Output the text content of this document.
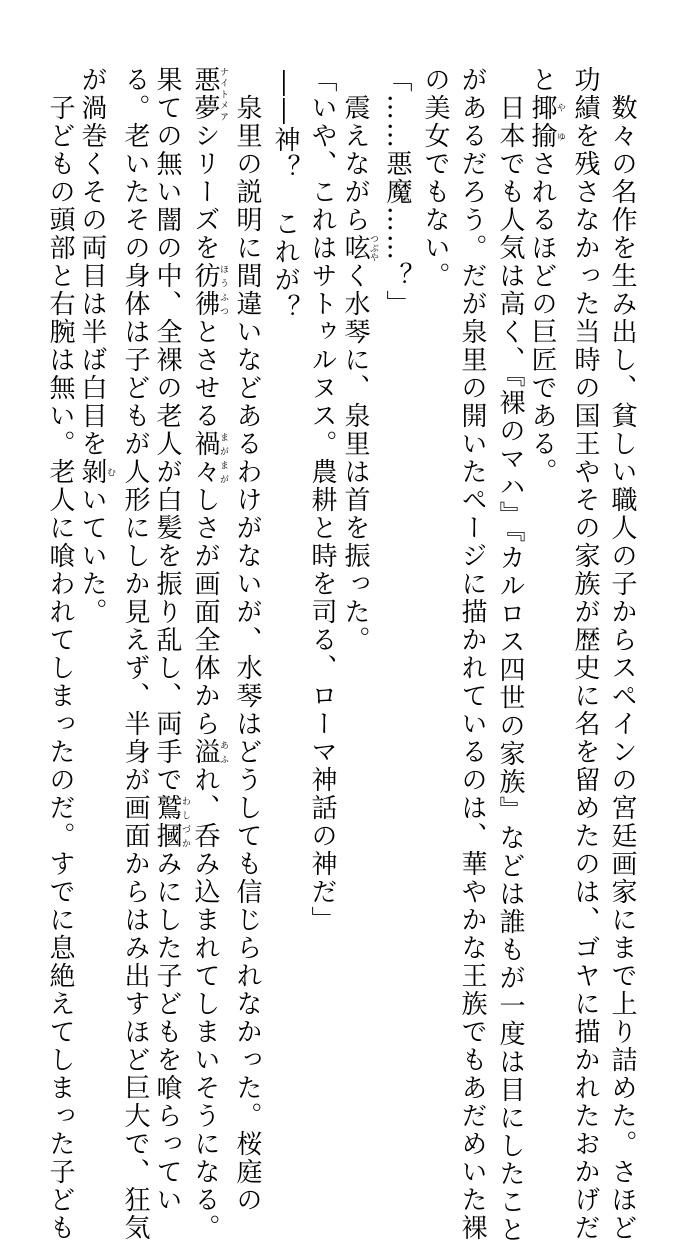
　数々の名作を生み出し、貧しい職人の子からスペインの宮廷画家にまで上り詰めた。さほど
功績を残さなかった当時の国王やその家族が歴史に名を留めたのは、ゴヤに描かれたおかげだ
と揶揄やゆされるほどの巨匠である。
　日本でも人気は高く、『裸のマハ』『カルロス四世の家族』などは誰もが一度は目にしたこと
があるだろう。だが泉里の開いたページに描かれているのは、華やかな王族でもあだめいた裸
の美女でもない。
「……悪魔……？」
　震えながら呟つぶやく水琴に、泉里は首を振った。
「いや、これはサトゥルヌス。農耕と時を司る、ローマ神話の神だ」
――神？　これが？
　泉里の説明に間違いなどあるわけがないが、水琴はどうしても信じられなかった。桜庭の
悪夢ナイトメアシリーズを彷彿ほうふつとさせる禍々まがまがしさが画面全体から溢あふれ、呑み込まれてしまいそうになる。
果ての無い闇の中、全裸の老人が白髪を振り乱し、両手で鷲摑わしづかみにした子どもを喰らってい
る。老いたその身体は子どもが人形にしか見えず、半身が画面からはみ出すほど巨大で、狂気
が渦巻くその両目は半ば白目を剝むいていた。
　子どもの頭部と右腕は無い。老人に喰われてしまったのだ。すでに息絶えてしまった子ども
